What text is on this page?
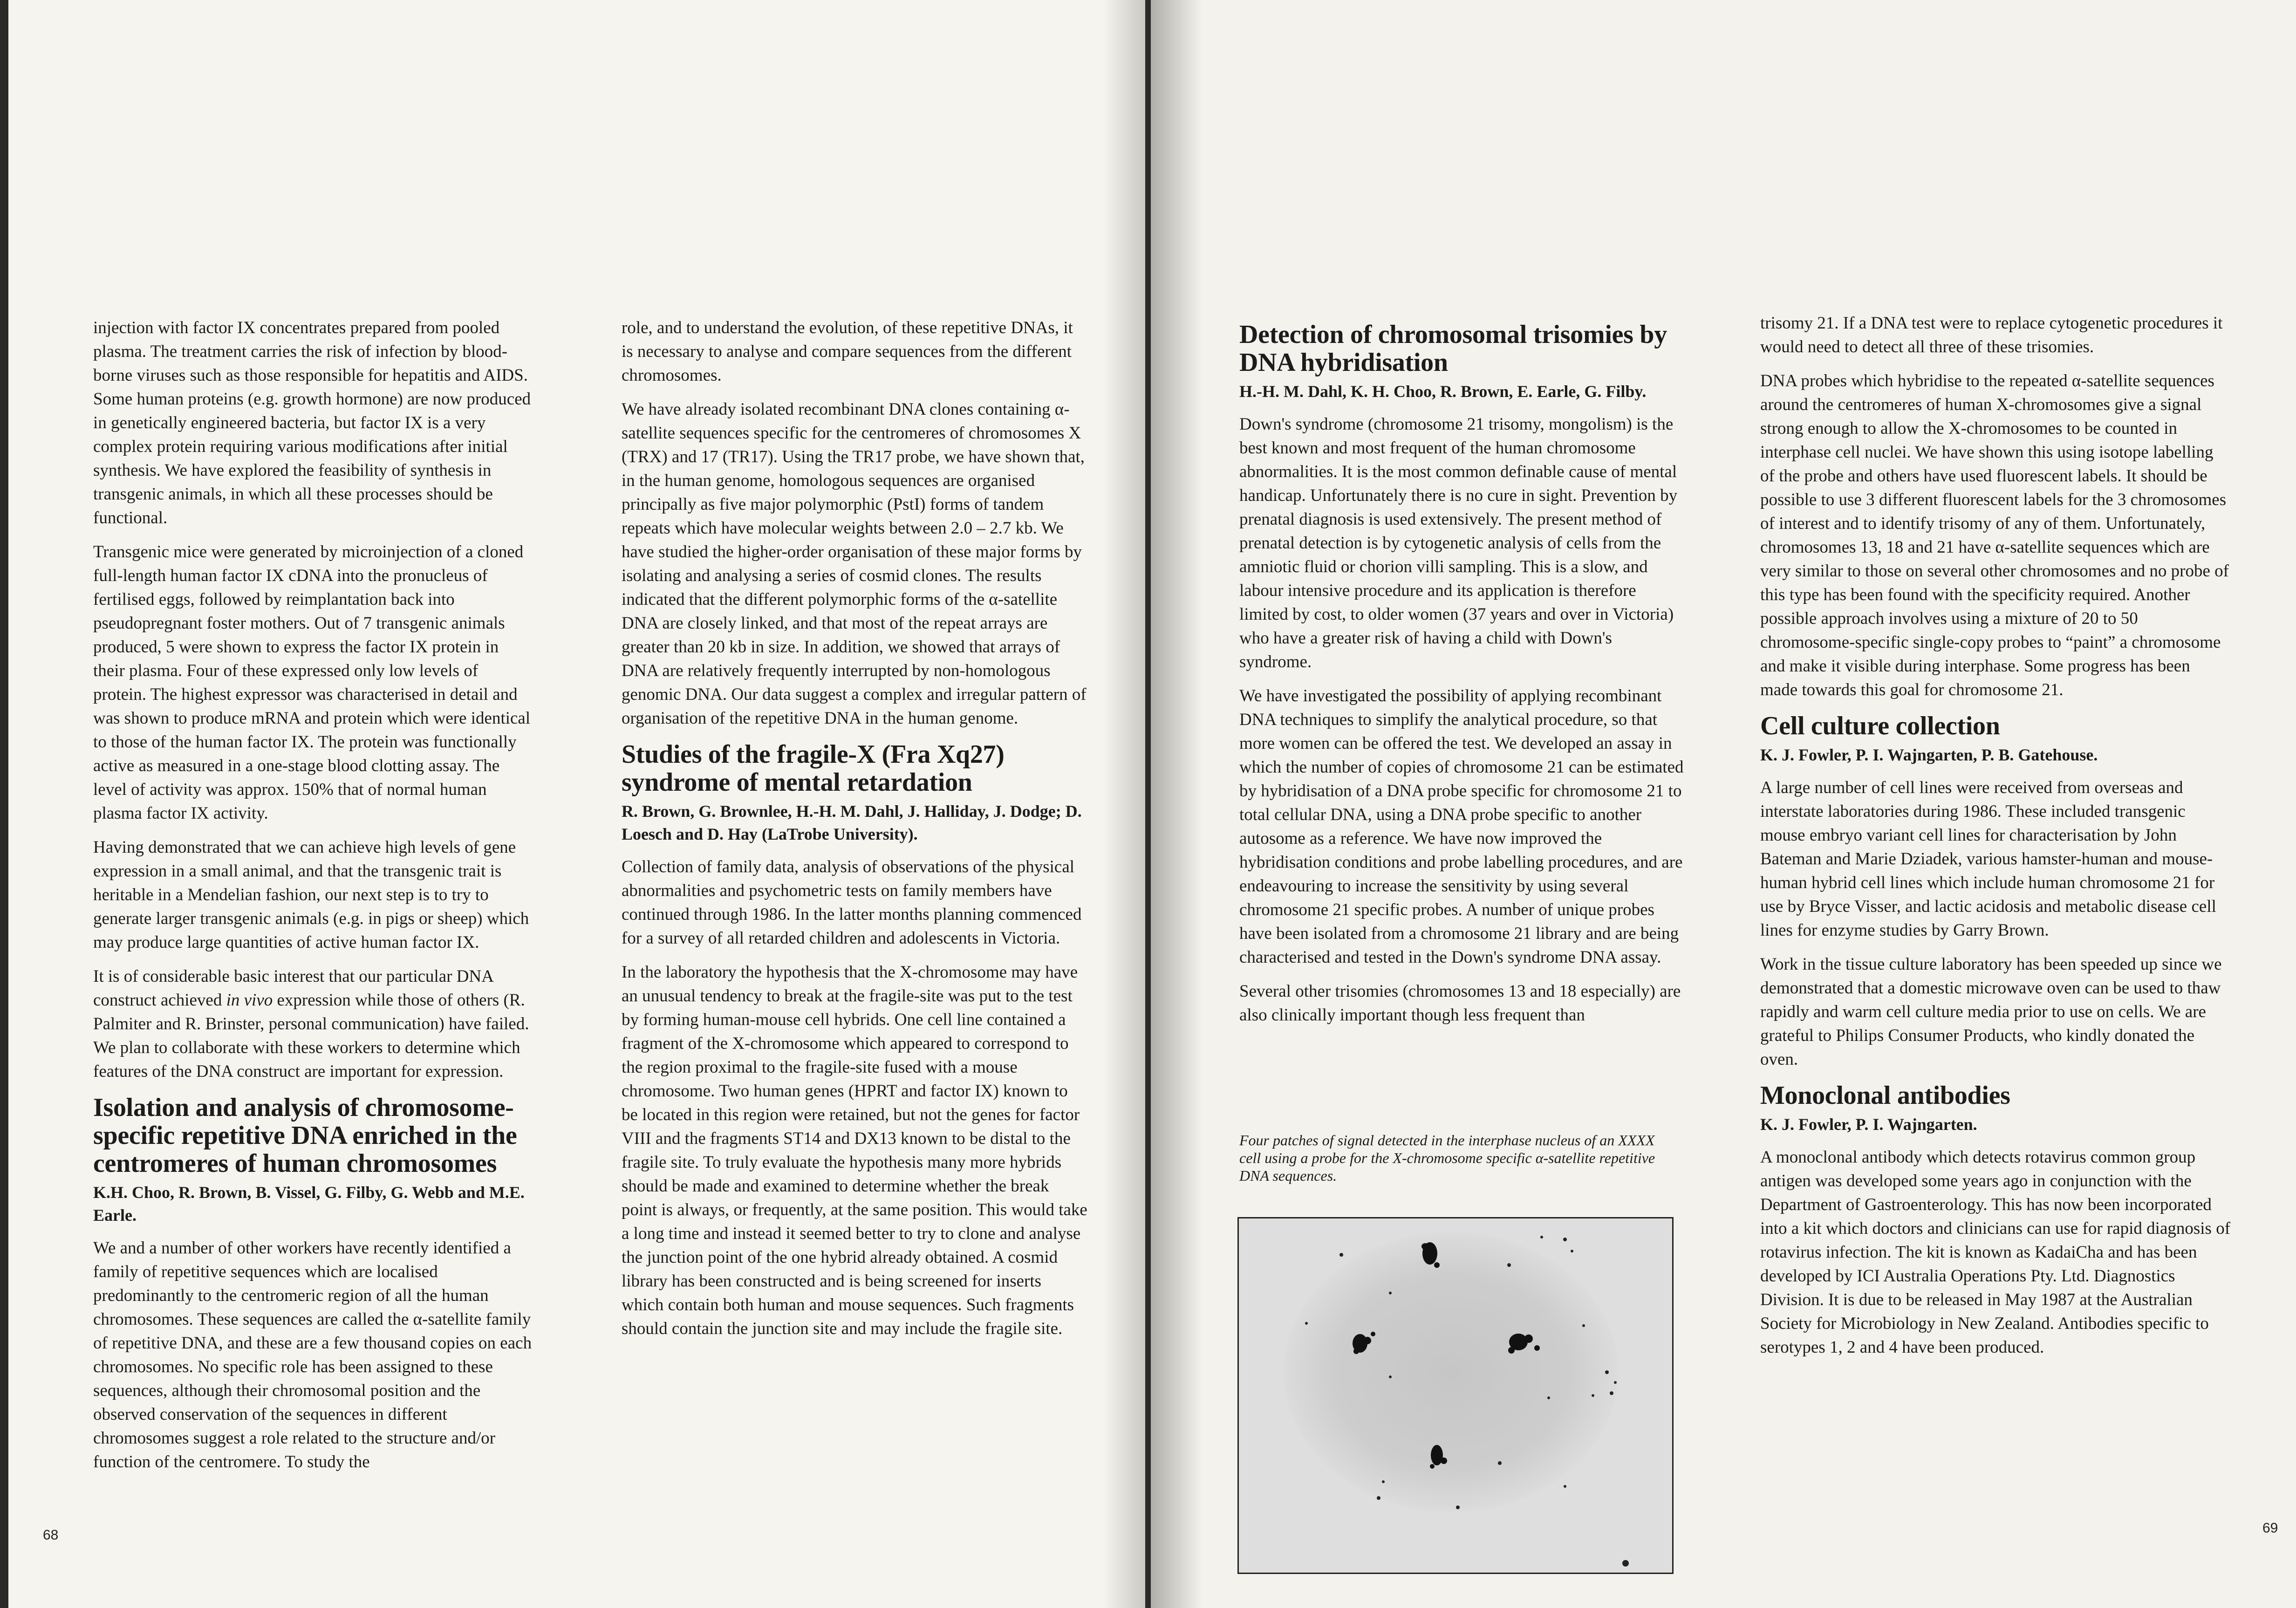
injection with factor IX concentrates prepared from pooled plasma. The treatment carries the risk of infection by blood-borne viruses such as those responsible for hepatitis and AIDS. Some human proteins (e.g. growth hormone) are now produced in genetically engineered bacteria, but factor IX is a very complex protein requiring various modifications after initial synthesis. We have explored the feasibility of synthesis in transgenic animals, in which all these processes should be functional.

Transgenic mice were generated by microinjection of a cloned full-length human factor IX cDNA into the pronucleus of fertilised eggs, followed by reimplantation back into pseudopregnant foster mothers. Out of 7 transgenic animals produced, 5 were shown to express the factor IX protein in their plasma. Four of these expressed only low levels of protein. The highest expressor was characterised in detail and was shown to produce mRNA and protein which were identical to those of the human factor IX. The protein was functionally active as measured in a one-stage blood clotting assay. The level of activity was approx. 150% that of normal human plasma factor IX activity.

Having demonstrated that we can achieve high levels of gene expression in a small animal, and that the transgenic trait is heritable in a Mendelian fashion, our next step is to try to generate larger transgenic animals (e.g. in pigs or sheep) which may produce large quantities of active human factor IX.

It is of considerable basic interest that our particular DNA construct achieved in vivo expression while those of others (R. Palmiter and R. Brinster, personal communication) have failed. We plan to collaborate with these workers to determine which features of the DNA construct are important for expression.

Isolation and analysis of chromosome-specific repetitive DNA enriched in the centromeres of human chromosomes
K.H. Choo, R. Brown, B. Vissel, G. Filby, G. Webb and M.E. Earle.

We and a number of other workers have recently identified a family of repetitive sequences which are localised predominantly to the centromeric region of all the human chromosomes. These sequences are called the α-satellite family of repetitive DNA, and these are a few thousand copies on each chromosomes. No specific role has been assigned to these sequences, although their chromosomal position and the observed conservation of the sequences in different chromosomes suggest a role related to the structure and/or function of the centromere. To study the

role, and to understand the evolution, of these repetitive DNAs, it is necessary to analyse and compare sequences from the different chromosomes.

We have already isolated recombinant DNA clones containing α-satellite sequences specific for the centromeres of chromosomes X (TRX) and 17 (TR17). Using the TR17 probe, we have shown that, in the human genome, homologous sequences are organised principally as five major polymorphic (PstI) forms of tandem repeats which have molecular weights between 2.0 – 2.7 kb. We have studied the higher-order organisation of these major forms by isolating and analysing a series of cosmid clones. The results indicated that the different polymorphic forms of the α-satellite DNA are closely linked, and that most of the repeat arrays are greater than 20 kb in size. In addition, we showed that arrays of DNA are relatively frequently interrupted by non-homologous genomic DNA. Our data suggest a complex and irregular pattern of organisation of the repetitive DNA in the human genome.

Studies of the fragile-X (Fra Xq27) syndrome of mental retardation
R. Brown, G. Brownlee, H.-H. M. Dahl, J. Halliday, J. Dodge; D. Loesch and D. Hay (LaTrobe University).

Collection of family data, analysis of observations of the physical abnormalities and psychometric tests on family members have continued through 1986. In the latter months planning commenced for a survey of all retarded children and adolescents in Victoria.

In the laboratory the hypothesis that the X-chromosome may have an unusual tendency to break at the fragile-site was put to the test by forming human-mouse cell hybrids. One cell line contained a fragment of the X-chromosome which appeared to correspond to the region proximal to the fragile-site fused with a mouse chromosome. Two human genes (HPRT and factor IX) known to be located in this region were retained, but not the genes for factor VIII and the fragments ST14 and DX13 known to be distal to the fragile site. To truly evaluate the hypothesis many more hybrids should be made and examined to determine whether the break point is always, or frequently, at the same position. This would take a long time and instead it seemed better to try to clone and analyse the junction point of the one hybrid already obtained. A cosmid library has been constructed and is being screened for inserts which contain both human and mouse sequences. Such fragments should contain the junction site and may include the fragile site.

68
Detection of chromosomal trisomies by DNA hybridisation
H.-H. M. Dahl, K. H. Choo, R. Brown, E. Earle, G. Filby.

Down's syndrome (chromosome 21 trisomy, mongolism) is the best known and most frequent of the human chromosome abnormalities. It is the most common definable cause of mental handicap. Unfortunately there is no cure in sight. Prevention by prenatal diagnosis is used extensively. The present method of prenatal detection is by cytogenetic analysis of cells from the amniotic fluid or chorion villi sampling. This is a slow, and labour intensive procedure and its application is therefore limited by cost, to older women (37 years and over in Victoria) who have a greater risk of having a child with Down's syndrome.

We have investigated the possibility of applying recombinant DNA techniques to simplify the analytical procedure, so that more women can be offered the test. We developed an assay in which the number of copies of chromosome 21 can be estimated by hybridisation of a DNA probe specific for chromosome 21 to total cellular DNA, using a DNA probe specific to another autosome as a reference. We have now improved the hybridisation conditions and probe labelling procedures, and are endeavouring to increase the sensitivity by using several chromosome 21 specific probes. A number of unique probes have been isolated from a chromosome 21 library and are being characterised and tested in the Down's syndrome DNA assay.

Several other trisomies (chromosomes 13 and 18 especially) are also clinically important though less frequent than

Four patches of signal detected in the interphase nucleus of an XXXX cell using a probe for the X-chromosome specific α-satellite repetitive DNA sequences.

trisomy 21. If a DNA test were to replace cytogenetic procedures it would need to detect all three of these trisomies.

DNA probes which hybridise to the repeated α-satellite sequences around the centromeres of human X-chromosomes give a signal strong enough to allow the X-chromosomes to be counted in interphase cell nuclei. We have shown this using isotope labelling of the probe and others have used fluorescent labels. It should be possible to use 3 different fluorescent labels for the 3 chromosomes of interest and to identify trisomy of any of them. Unfortunately, chromosomes 13, 18 and 21 have α-satellite sequences which are very similar to those on several other chromosomes and no probe of this type has been found with the specificity required. Another possible approach involves using a mixture of 20 to 50 chromosome-specific single-copy probes to “paint” a chromosome and make it visible during interphase. Some progress has been made towards this goal for chromosome 21.

Cell culture collection
K. J. Fowler, P. I. Wajngarten, P. B. Gatehouse.

A large number of cell lines were received from overseas and interstate laboratories during 1986. These included transgenic mouse embryo variant cell lines for characterisation by John Bateman and Marie Dziadek, various hamster-human and mouse-human hybrid cell lines which include human chromosome 21 for use by Bryce Visser, and lactic acidosis and metabolic disease cell lines for enzyme studies by Garry Brown.

Work in the tissue culture laboratory has been speeded up since we demonstrated that a domestic microwave oven can be used to thaw rapidly and warm cell culture media prior to use on cells. We are grateful to Philips Consumer Products, who kindly donated the oven.

Monoclonal antibodies
K. J. Fowler, P. I. Wajngarten.

A monoclonal antibody which detects rotavirus common group antigen was developed some years ago in conjunction with the Department of Gastroenterology. This has now been incorporated into a kit which doctors and clinicians can use for rapid diagnosis of rotavirus infection. The kit is known as KadaiCha and has been developed by ICI Australia Operations Pty. Ltd. Diagnostics Division. It is due to be released in May 1987 at the Australian Society for Microbiology in New Zealand. Antibodies specific to serotypes 1, 2 and 4 have been produced.

69
